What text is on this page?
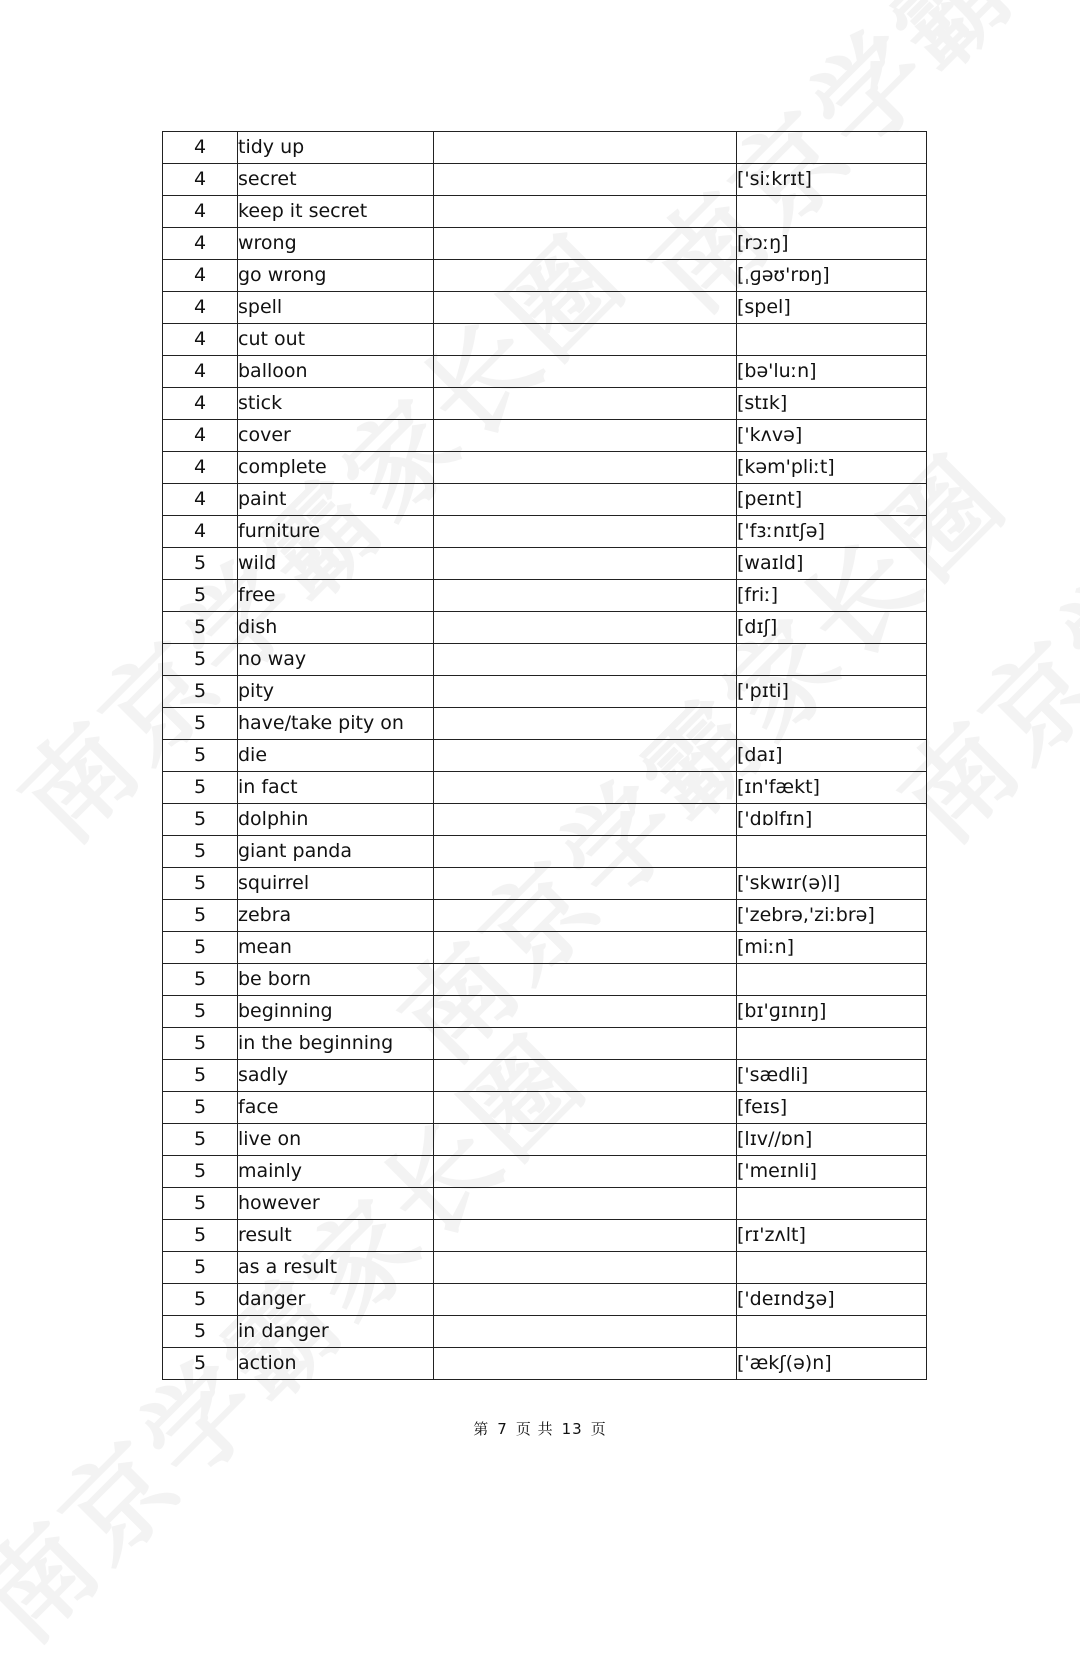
4	tidy up		
4	secret		['siːkrɪt]
4	keep it secret		
4	wrong		[rɔːŋ]
4	go wrong		[ˌɡəʊ'rɒŋ]
4	spell		[spel]
4	cut out		
4	balloon		[bə'luːn]
4	stick		[stɪk]
4	cover		['kʌvə]
4	complete		[kəm'pliːt]
4	paint		[peɪnt]
4	furniture		['fɜːnɪtʃə]
5	wild		[waɪld]
5	free		[friː]
5	dish		[dɪʃ]
5	no way		
5	pity		['pɪti]
5	have/take pity on		
5	die		[daɪ]
5	in fact		[ɪn'fækt]
5	dolphin		['dɒlfɪn]
5	giant panda		
5	squirrel		['skwɪr(ə)l]
5	zebra		['zebrə,'ziːbrə]
5	mean		[miːn]
5	be born		
5	beginning		[bɪ'ɡɪnɪŋ]
5	in the beginning		
5	sadly		['sædli]
5	face		[feɪs]
5	live on		[lɪv//ɒn]
5	mainly		['meɪnli]
5	however		
5	result		[rɪ'zʌlt]
5	as a result		
5	danger		['deɪndʒə]
5	in danger		
5	action		['ækʃ(ə)n]
第 7 页 共 13 页
